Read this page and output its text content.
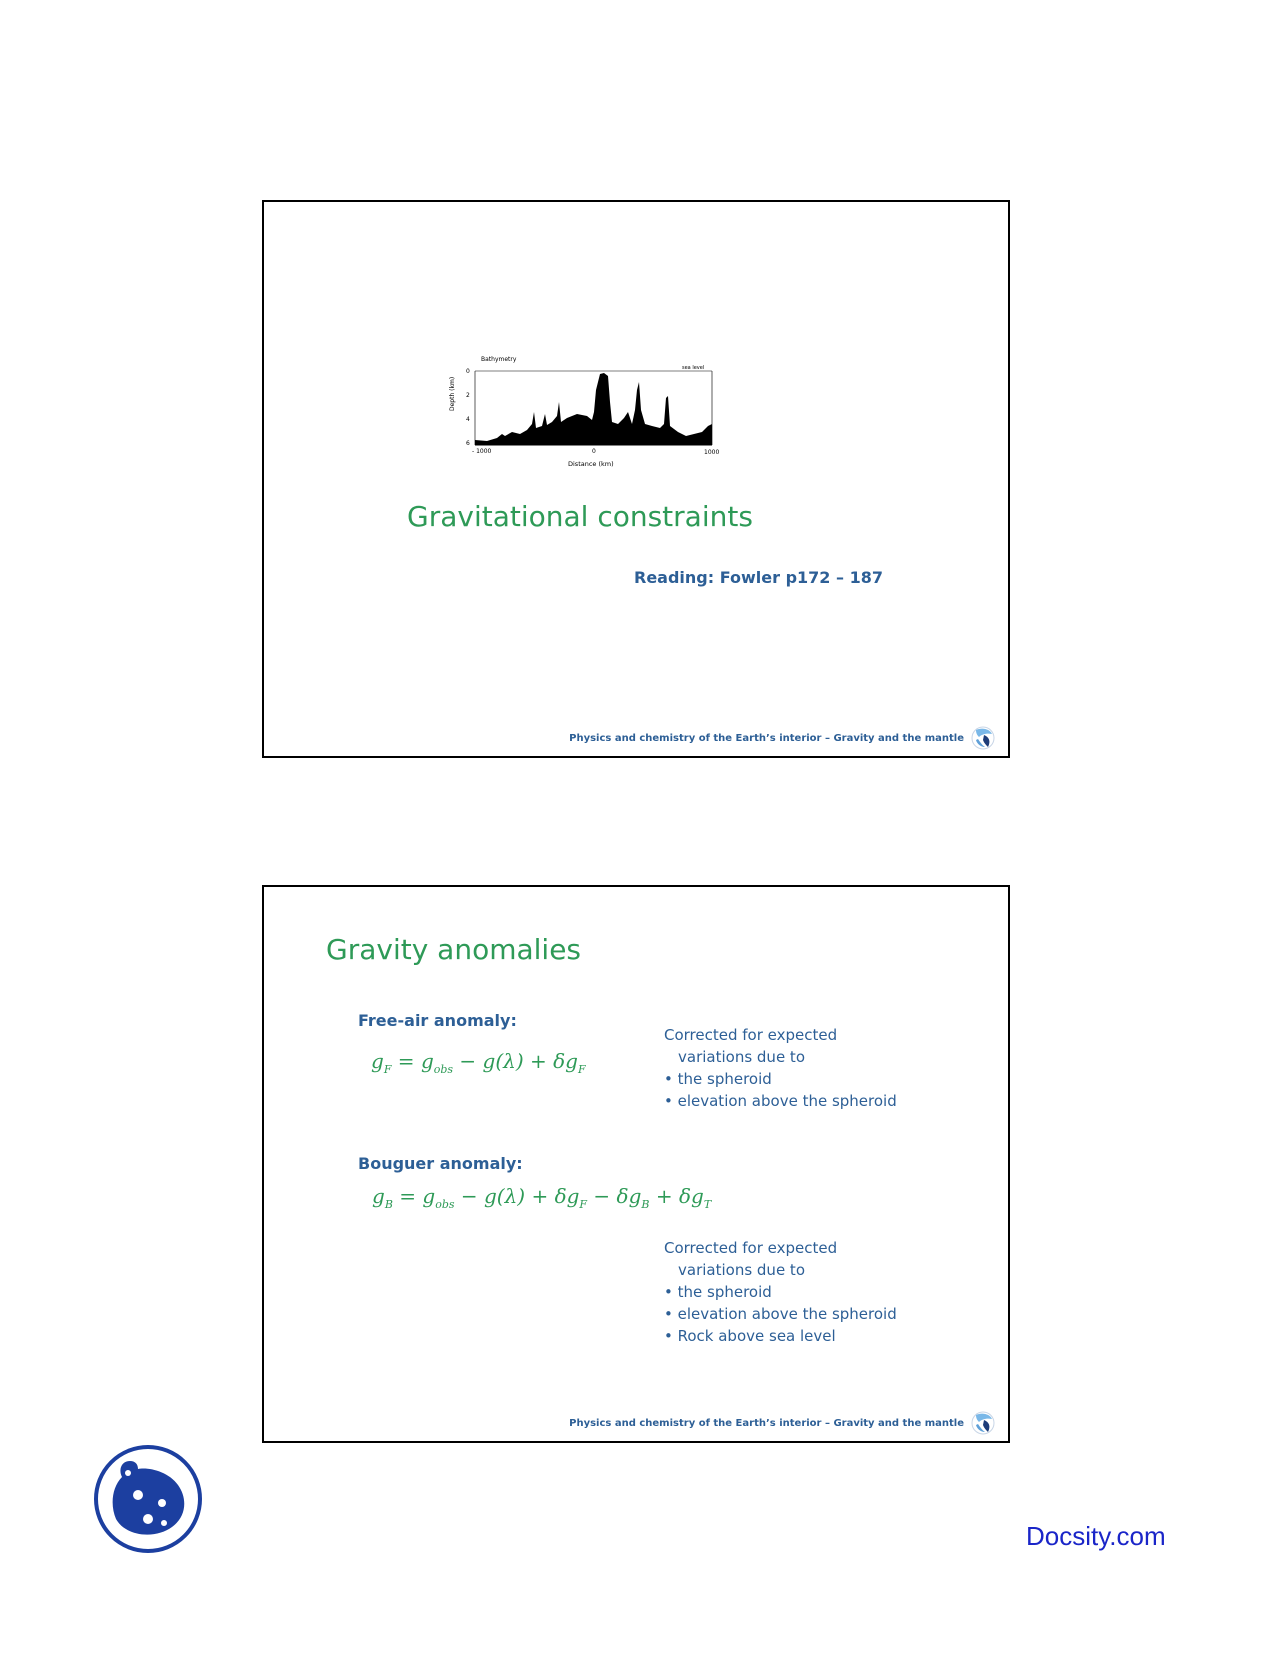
Bathymetry
sea level
Depth (km)
0
2
4
6
- 1000	0	1000
Distance (km)
Gravitational constraints
Reading: Fowler p172 – 187
Physics and chemistry of the Earth’s interior – Gravity and the mantle
Gravity anomalies
Free-air anomaly:
$g_F = g_{obs} - g(\lambda) + \delta g_F$
Corrected for expected
variations due to
• the spheroid
• elevation above the spheroid
Bouguer anomaly:
$g_B = g_{obs} - g(\lambda) + \delta g_F - \delta g_B + \delta g_T$
Corrected for expected
variations due to
• the spheroid
• elevation above the spheroid
• Rock above sea level
Physics and chemistry of the Earth’s interior – Gravity and the mantle
Docsity.com
